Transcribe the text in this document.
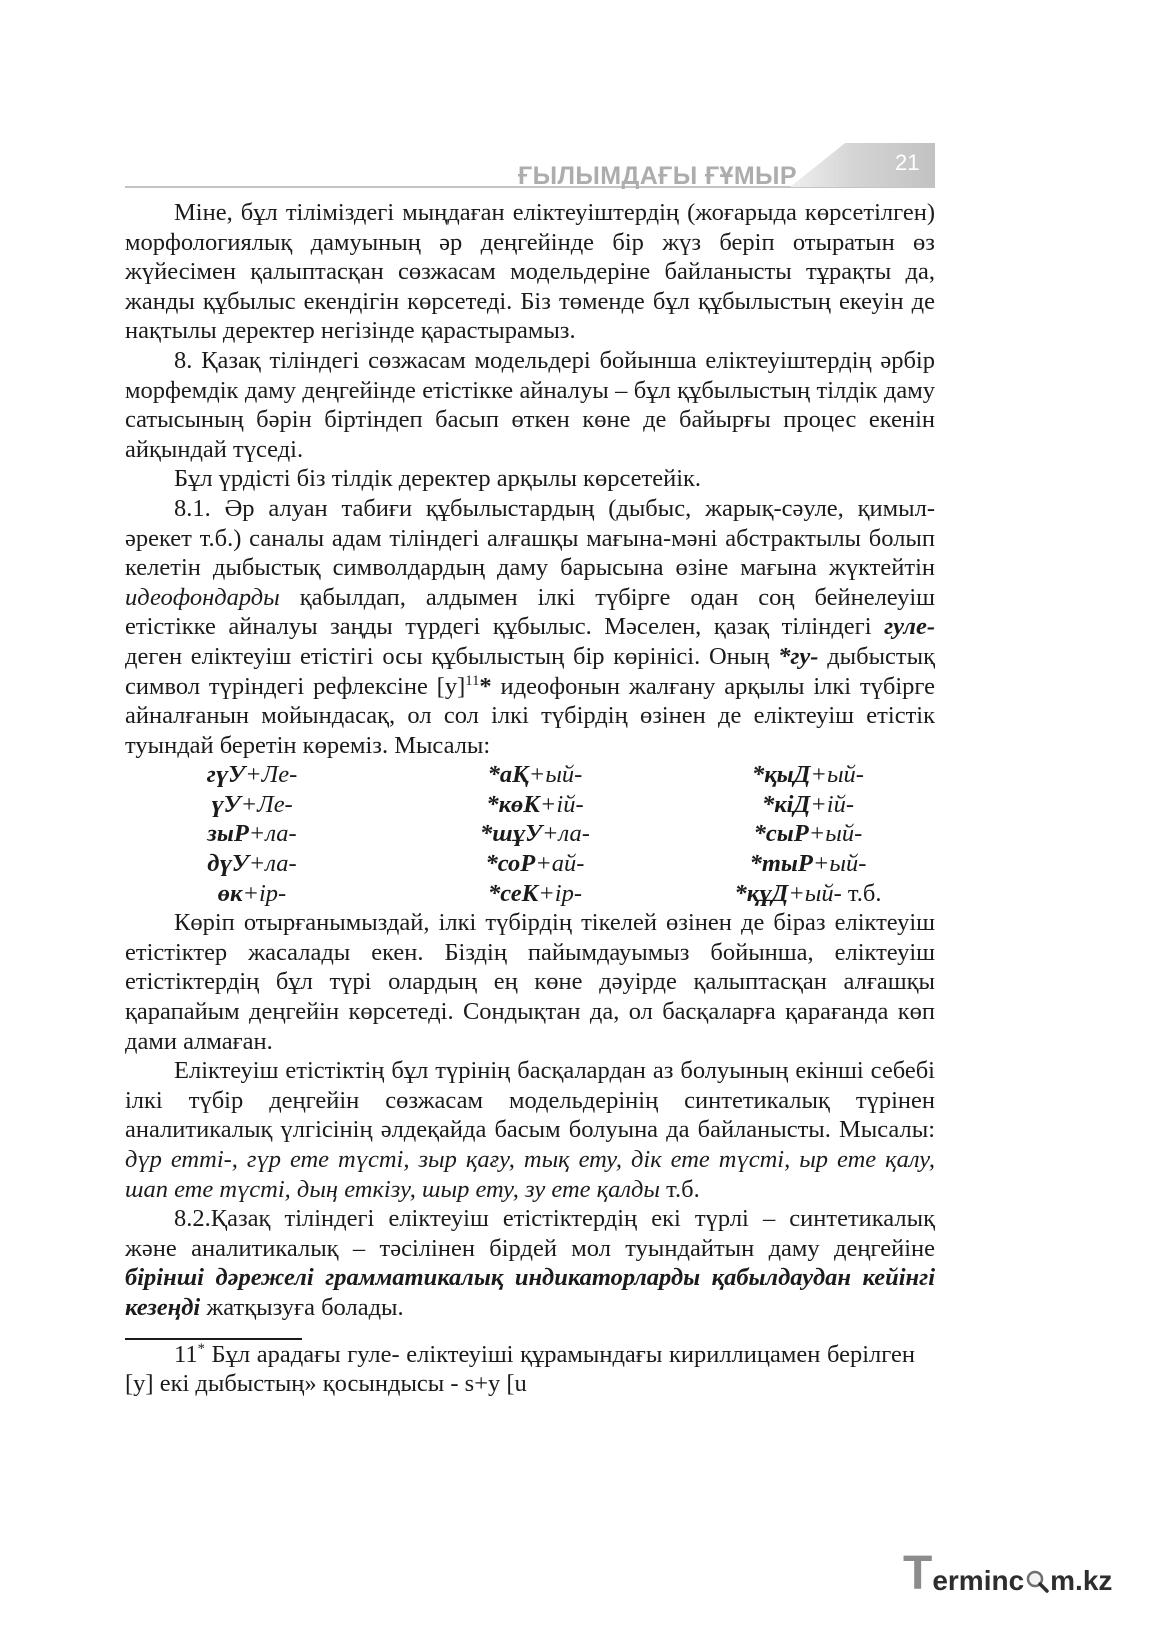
ҒЫЛЫМДАҒЫ ҒҰМЫР	21

Міне, бұл тіліміздегі мыңдаған еліктеуіштердің (жоғарыда көрсетілген) морфологиялық дамуының әр деңгейінде бір жүз беріп отыратын өз жүйесімен қалыптасқан сөзжасам модельдеріне байланысты тұрақты да, жанды құбылыс екендігін көрсетеді. Біз төменде бұл құбылыстың екеуін де нақтылы деректер негізінде қарастырамыз.

8. Қазақ тіліндегі сөзжасам модельдері бойынша еліктеуіштердің әрбір морфемдік даму деңгейінде етістікке айналуы – бұл құбылыстың тілдік даму сатысының бәрін біртіндеп басып өткен көне де байырғы процес екенін айқындай түседі.

Бұл үрдісті біз тілдік деректер арқылы көрсетейік.

8.1. Әр алуан табиғи құбылыстардың (дыбыс, жарық-сәуле, қимыл-әрекет т.б.) саналы адам тіліндегі алғашқы мағына-мәні абстрактылы болып келетін дыбыстық символдардың даму барысына өзіне мағына жүктейтін идеофондарды қабылдап, алдымен ілкі түбірге одан соң бейнелеуіш етістікке айналуы заңды түрдегі құбылыс. Мәселен, қазақ тіліндегі гуле- деген еліктеуіш етістігі осы құбылыстың бір көрінісі. Оның *гу- дыбыстық символ түріндегі рефлексіне $[у]^{11}*$ идеофонын жалғану арқылы ілкі түбірге айналғанын мойындасақ, ол сол ілкі түбірдің өзінен де еліктеуіш етістік туындай беретін көреміз. Мысалы:

гүУ+Ле-	*аҚ+ый-	*қыД+ый-
үУ+Ле-	*көК+ій-	*кіД+ій-
зыР+ла-	*шұУ+ла-	*сыР+ый-
дүУ+ла-	*соР+ай-	*тыР+ый-
өк+ір-	*сеК+ір-	*құД+ый- т.б.

Көріп отырғанымыздай, ілкі түбірдің тікелей өзінен де біраз еліктеуіш етістіктер жасалады екен. Біздің пайымдауымыз бойынша, еліктеуіш етістіктердің бұл түрі олардың ең көне дәуірде қалыптасқан алғашқы қарапайым деңгейін көрсетеді. Сондықтан да, ол басқаларға қарағанда көп дами алмаған.

Еліктеуіш етістіктің бұл түрінің басқалардан аз болуының екінші себебі ілкі түбір деңгейін сөзжасам модельдерінің синтетикалық түрінен аналитикалық үлгісінің әлдеқайда басым болуына да байланысты. Мысалы: дүр етті-, гүр ете түсті, зыр қағу, тық ету, дік ете түсті, ыр ете қалу, шап ете түсті, дың еткізу, шыр ету, зу ете қалды т.б.

8.2.Қазақ тіліндегі еліктеуіш етістіктердің екі түрлі – синтетикалық және аналитикалық – тәсілінен бірдей мол туындайтын даму деңгейіне бірінші дәрежелі грамматикалық индикаторларды қабылдаудан кейінгі кезеңді жатқызуға болады.

11* Бұл арадағы гуле- еліктеуіші құрамындағы кириллицамен берілген [у] екі дыбыстың» қосындысы - s+y [u

T erminc m.kz
